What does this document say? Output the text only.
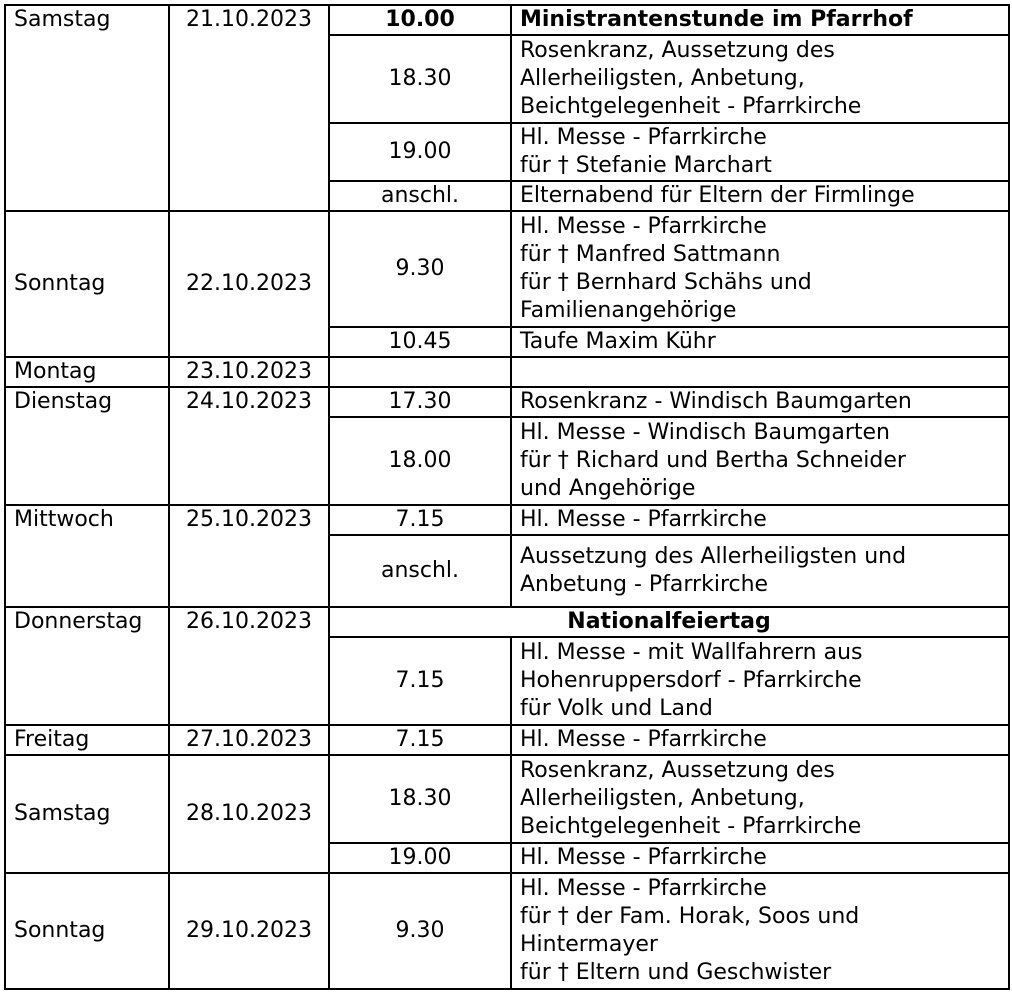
Samstag	21.10.2023	10.00	Ministrantenstunde im Pfarrhof

		18.30	Rosenkranz, Aussetzung des
Allerheiligsten, Anbetung,
Beichtgelegenheit - Pfarrkirche

		19.00	Hl. Messe - Pfarrkirche
für † Stefanie Marchart

		anschl.	Elternabend für Eltern der Firmlinge

Sonntag	22.10.2023	9.30	Hl. Messe - Pfarrkirche
für † Manfred Sattmann
für † Bernhard Schähs und
Familienangehörige

		10.45	Taufe Maxim Kühr

Montag	23.10.2023		

Dienstag	24.10.2023	17.30	Rosenkranz - Windisch Baumgarten

		18.00	Hl. Messe - Windisch Baumgarten
für † Richard und Bertha Schneider
und Angehörige

Mittwoch	25.10.2023	7.15	Hl. Messe - Pfarrkirche

		anschl.	Aussetzung des Allerheiligsten und
Anbetung - Pfarrkirche

Donnerstag	26.10.2023	Nationalfeiertag	
		7.15	Hl. Messe - mit Wallfahrern aus
Hohenruppersdorf - Pfarrkirche
für Volk und Land

Freitag	27.10.2023	7.15	Hl. Messe - Pfarrkirche

Samstag	28.10.2023	18.30	Rosenkranz, Aussetzung des
Allerheiligsten, Anbetung,
Beichtgelegenheit - Pfarrkirche

		19.00	Hl. Messe - Pfarrkirche

Sonntag	29.10.2023	9.30	Hl. Messe - Pfarrkirche
für † der Fam. Horak, Soos und
Hintermayer
für † Eltern und Geschwister
